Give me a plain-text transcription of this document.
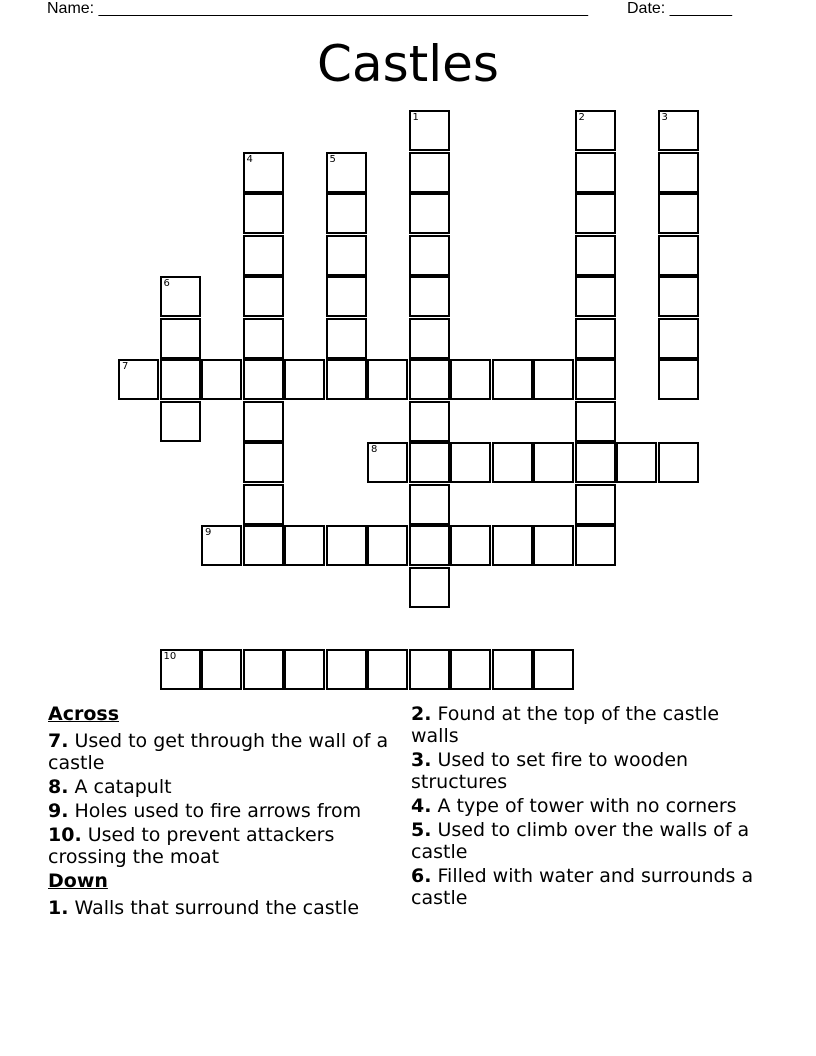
Name: _______________________________________________________ Date: _______
Castles
1	2	3
4	5
6
7
8
9
10
Across
7. Used to get through the wall of a castle
8. A catapult
9. Holes used to fire arrows from
10. Used to prevent attackers crossing the moat
Down
1. Walls that surround the castle
2. Found at the top of the castle walls
3. Used to set fire to wooden structures
4. A type of tower with no corners
5. Used to climb over the walls of a castle
6. Filled with water and surrounds a castle
